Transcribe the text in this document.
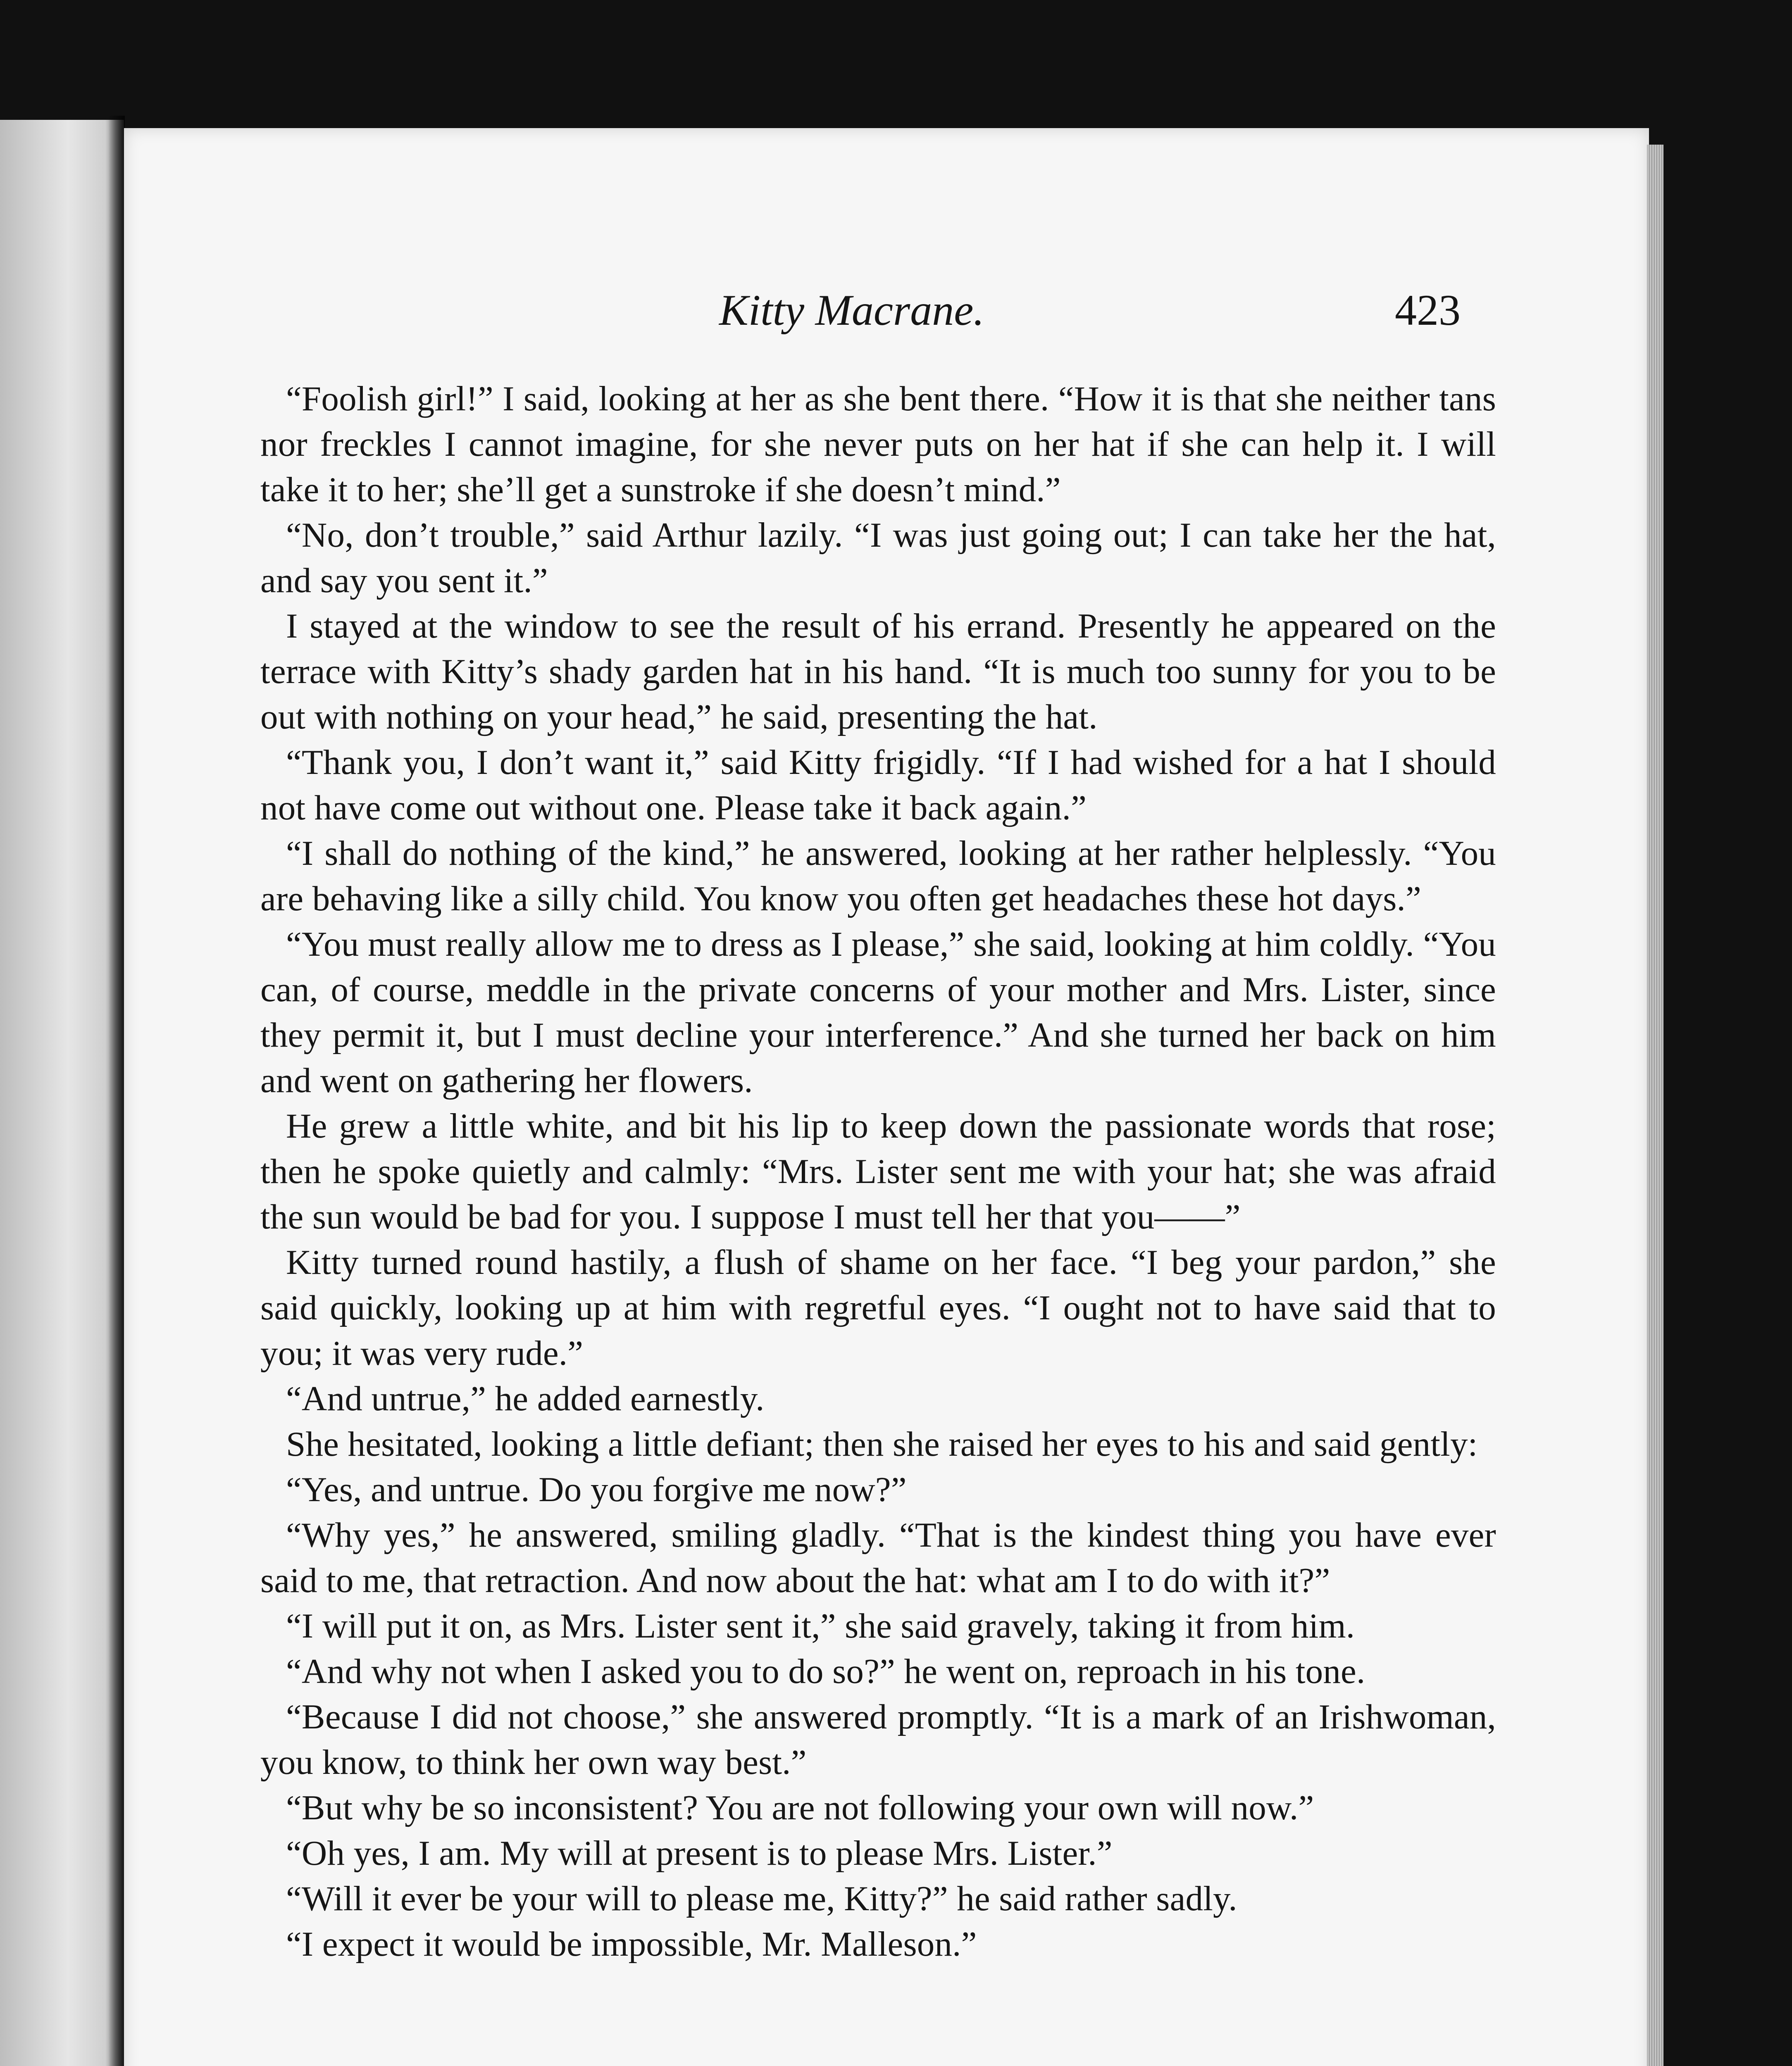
Kitty Macrane.	423

“Foolish girl!” I said, looking at her as she bent there. “How it is that she neither tans nor freckles I cannot imagine, for she never puts on her hat if she can help it. I will take it to her; she’ll get a sunstroke if she doesn’t mind.”

“No, don’t trouble,” said Arthur lazily. “I was just going out; I can take her the hat, and say you sent it.”

I stayed at the window to see the result of his errand. Presently he appeared on the terrace with Kitty’s shady garden hat in his hand. “It is much too sunny for you to be out with nothing on your head,” he said, presenting the hat.

“Thank you, I don’t want it,” said Kitty frigidly. “If I had wished for a hat I should not have come out without one. Please take it back again.”

“I shall do nothing of the kind,” he answered, looking at her rather helplessly. “You are behaving like a silly child. You know you often get headaches these hot days.”

“You must really allow me to dress as I please,” she said, looking at him coldly. “You can, of course, meddle in the private concerns of your mother and Mrs. Lister, since they permit it, but I must decline your interference.” And she turned her back on him and went on gathering her flowers.

He grew a little white, and bit his lip to keep down the passionate words that rose; then he spoke quietly and calmly: “Mrs. Lister sent me with your hat; she was afraid the sun would be bad for you. I suppose I must tell her that you——”

Kitty turned round hastily, a flush of shame on her face. “I beg your pardon,” she said quickly, looking up at him with regretful eyes. “I ought not to have said that to you; it was very rude.”

“And untrue,” he added earnestly.

She hesitated, looking a little defiant; then she raised her eyes to his and said gently:

“Yes, and untrue. Do you forgive me now?”

“Why yes,” he answered, smiling gladly. “That is the kindest thing you have ever said to me, that retraction. And now about the hat: what am I to do with it?”

“I will put it on, as Mrs. Lister sent it,” she said gravely, taking it from him.

“And why not when I asked you to do so?” he went on, reproach in his tone.

“Because I did not choose,” she answered promptly. “It is a mark of an Irishwoman, you know, to think her own way best.”

“But why be so inconsistent? You are not following your own will now.”

“Oh yes, I am. My will at present is to please Mrs. Lister.”

“Will it ever be your will to please me, Kitty?” he said rather sadly.

“I expect it would be impossible, Mr. Malleson.”
